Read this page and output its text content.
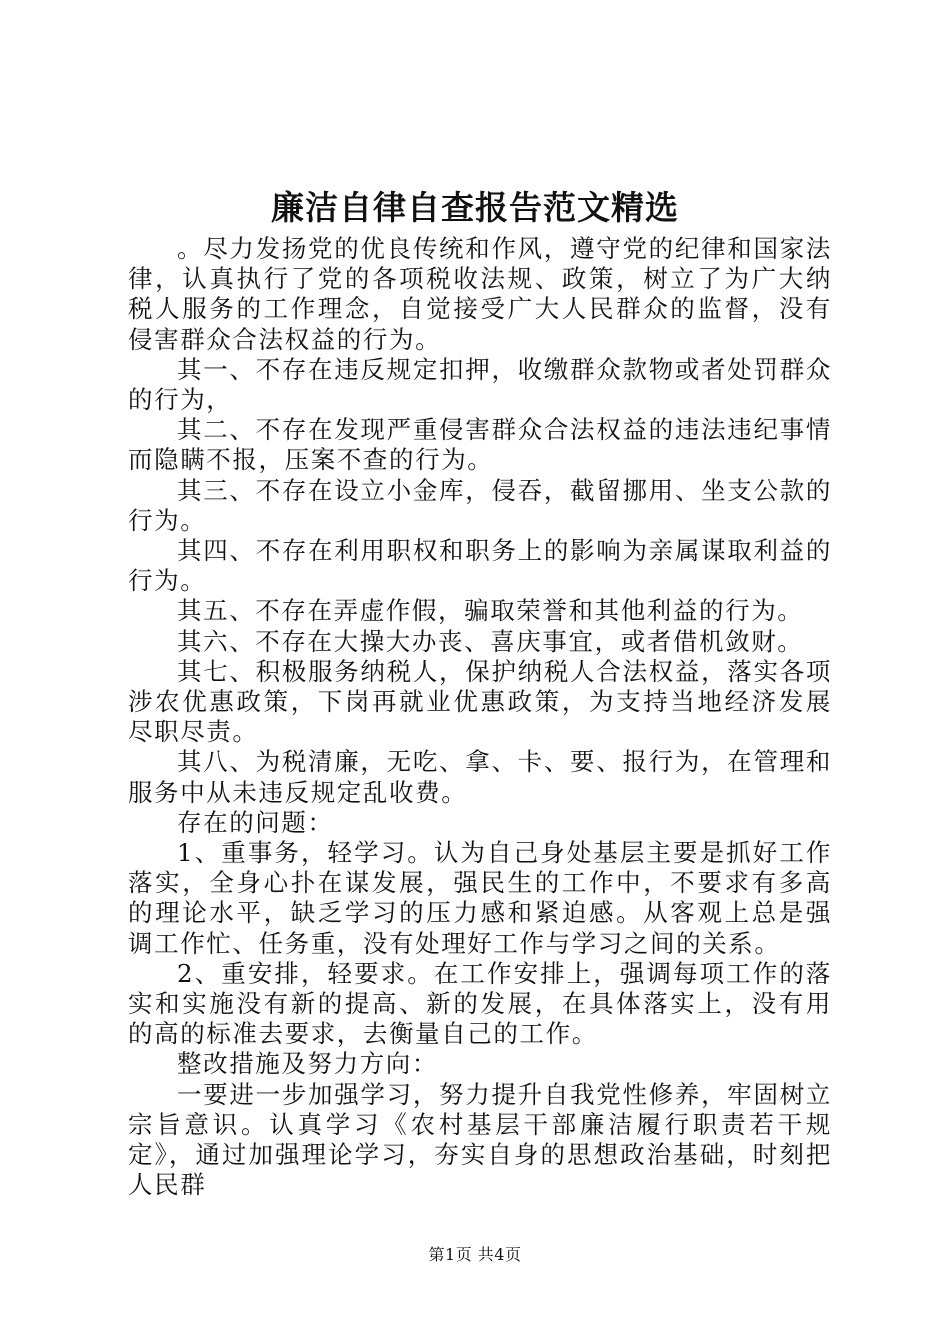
廉洁自律自查报告范文精选

。尽力发扬党的优良传统和作风，遵守党的纪律和国家法律，认真执行了党的各项税收法规、政策，树立了为广大纳税人服务的工作理念，自觉接受广大人民群众的监督，没有侵害群众合法权益的行为。

其一、不存在违反规定扣押，收缴群众款物或者处罚群众的行为，

其二、不存在发现严重侵害群众合法权益的违法违纪事情而隐瞒不报，压案不查的行为。

其三、不存在设立小金库，侵吞，截留挪用、坐支公款的行为。

其四、不存在利用职权和职务上的影响为亲属谋取利益的行为。

其五、不存在弄虚作假，骗取荣誉和其他利益的行为。

其六、不存在大操大办丧、喜庆事宜，或者借机敛财。

其七、积极服务纳税人，保护纳税人合法权益，落实各项涉农优惠政策，下岗再就业优惠政策，为支持当地经济发展尽职尽责。

其八、为税清廉，无吃、拿、卡、要、报行为，在管理和服务中从未违反规定乱收费。

存在的问题：

1、重事务，轻学习。认为自己身处基层主要是抓好工作落实，全身心扑在谋发展，强民生的工作中，不要求有多高的理论水平，缺乏学习的压力感和紧迫感。从客观上总是强调工作忙、任务重，没有处理好工作与学习之间的关系。

2、重安排，轻要求。在工作安排上，强调每项工作的落实和实施没有新的提高、新的发展，在具体落实上，没有用的高的标准去要求，去衡量自己的工作。

整改措施及努力方向：

一要进一步加强学习，努力提升自我党性修养，牢固树立宗旨意识。认真学习《农村基层干部廉洁履行职责若干规定》，通过加强理论学习，夯实自身的思想政治基础，时刻把人民群

第1页 共4页
